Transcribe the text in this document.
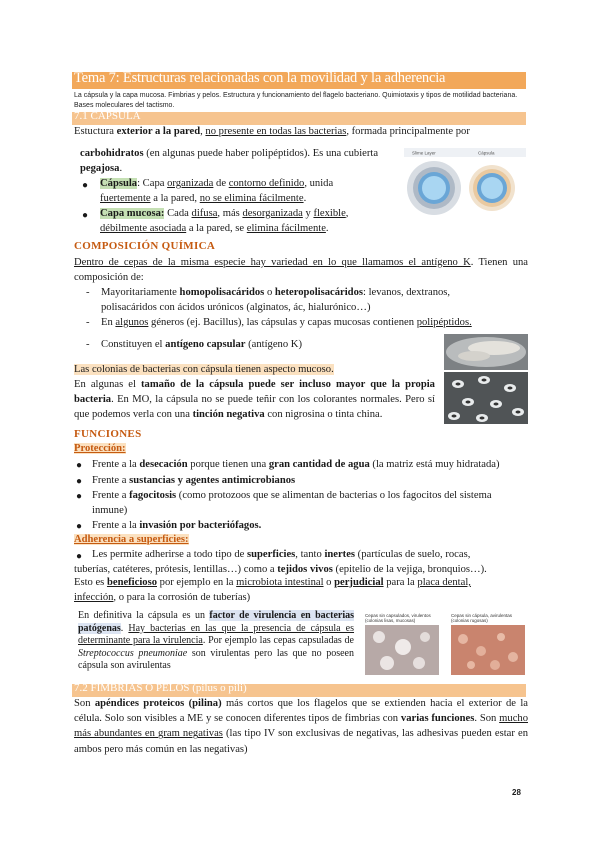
Tema 7: Estructuras relacionadas con la movilidad y la adherencia
La cápsula y la capa mucosa. Fimbrias y pelos. Estructura y funcionamiento del flagelo bacteriano. Quimiotaxis y tipos de motilidad bacteriana. Bases moleculares del tactismo.
7.1 CÁPSULA
Estuctura exterior a la pared, no presente en todas las bacterias, formada principalmente por
carbohidratos (en algunas puede haber polipéptidos). Es una cubierta
pegajosa.
● Cápsula: Capa organizada de contorno definido, unida
fuertemente a la pared, no se elimina fácilmente.
● Capa mucosa: Cada difusa, más desorganizada y flexible,
débilmente asociada a la pared, se elimina fácilmente.
Slime Layer	Cápsula
COMPOSICIÓN QUÍMICA
Dentro de cepas de la misma especie hay variedad en lo que llamamos el antígeno K. Tienen una composición de:
- Mayoritariamente homopolisacáridos o heteropolisacáridos: levanos, dextranos,
polisacáridos con ácidos urónicos (alginatos, ác, hialurónico…)
- En algunos géneros (ej. Bacillus), las cápsulas y capas mucosas contienen polipéptidos.
- Constituyen el antígeno capsular (antígeno K)
Las colonias de bacterias con cápsula tienen aspecto mucoso.
En algunas el tamaño de la cápsula puede ser incluso mayor que la propia bacteria. En MO, la cápsula no se puede teñir con los colorantes normales. Pero sí que podemos verla con una tinción negativa con nigrosina o tinta china.
FUNCIONES
Protección:
● Frente a la desecación porque tienen una gran cantidad de agua (la matriz está muy hidratada)
● Frente a sustancias y agentes antimicrobianos
● Frente a fagocitosis (como protozoos que se alimentan de bacterias o los fagocitos del sistema
inmune)
● Frente a la invasión por bacteriófagos.
Adherencia a superficies:
● Les permite adherirse a todo tipo de superficies, tanto inertes (partículas de suelo, rocas,
tuberías, catéteres, prótesis, lentillas…) como a tejidos vivos (epitelio de la vejiga, bronquios…).
Esto es beneficioso por ejemplo en la microbiota intestinal o perjudicial para la placa dental,
infección, o para la corrosión de tuberías)
En definitiva la cápsula es un factor de virulencia en bacterias patógenas. Hay bacterias en las que la presencia de cápsula es determinante para la virulencia. Por ejemplo las cepas capsuladas de Streptococcus pneumoniae son virulentas pero las que no poseen cápsula son avirulentas
Cepas sin capsulados, virulentos (colonias lisas, mucosas)
Cepas sin cápsula, avirulentas (colonias rugosas)
7.2 FIMBRIAS O PELOS (pilus o pili)
Son apéndices proteicos (pilina) más cortos que los flagelos que se extienden hacia el exterior de la célula. Solo son visibles a ME y se conocen diferentes tipos de fimbrias con varias funciones. Son mucho más abundantes en gram negativas (las tipo IV son exclusivas de negativas, las adhesivas pueden estar en ambos pero más común en las negativas)
28
